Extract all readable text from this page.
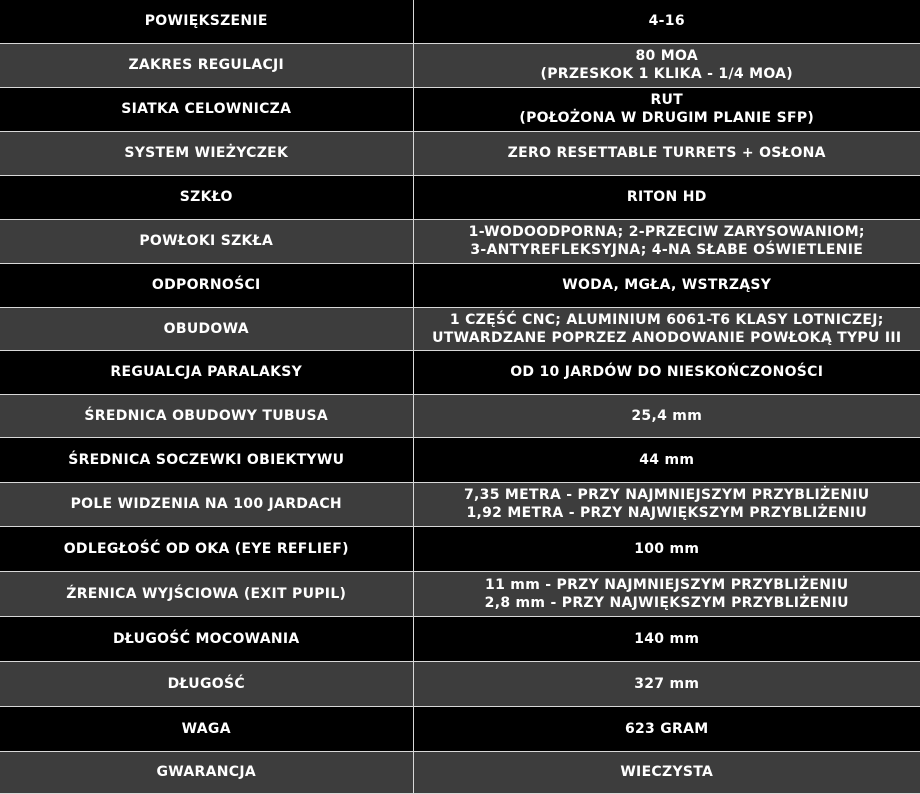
POWIĘKSZENIE	4-16
ZAKRES REGULACJI	80 MOA
(PRZESKOK 1 KLIKA - 1/4 MOA)
SIATKA CELOWNICZA	RUT
(POŁOŻONA W DRUGIM PLANIE SFP)
SYSTEM WIEŻYCZEK	ZERO RESETTABLE TURRETS + OSŁONA
SZKŁO	RITON HD
POWŁOKI SZKŁA	1-WODOODPORNA; 2-PRZECIW ZARYSOWANIOM;
3-ANTYREFLEKSYJNA; 4-NA SŁABE OŚWIETLENIE
ODPORNOŚCI	WODA, MGŁA, WSTRZĄSY
OBUDOWA	1 CZĘŚĆ CNC; ALUMINIUM 6061-T6 KLASY LOTNICZEJ;
UTWARDZANE POPRZEZ ANODOWANIE POWŁOKĄ TYPU III
REGUALCJA PARALAKSY	OD 10 JARDÓW DO NIESKOŃCZONOŚCI
ŚREDNICA OBUDOWY TUBUSA	25,4 mm
ŚREDNICA SOCZEWKI OBIEKTYWU	44 mm
POLE WIDZENIA NA 100 JARDACH	7,35 METRA - PRZY NAJMNIEJSZYM PRZYBLIŻENIU
1,92 METRA - PRZY NAJWIĘKSZYM PRZYBLIŻENIU
ODLEGŁOŚĆ OD OKA (EYE REFLIEF)	100 mm
ŹRENICA WYJŚCIOWA (EXIT PUPIL)	11 mm - PRZY NAJMNIEJSZYM PRZYBLIŻENIU
2,8 mm - PRZY NAJWIĘKSZYM PRZYBLIŻENIU
DŁUGOŚĆ MOCOWANIA	140 mm
DŁUGOŚĆ	327 mm
WAGA	623 GRAM
GWARANCJA	WIECZYSTA
